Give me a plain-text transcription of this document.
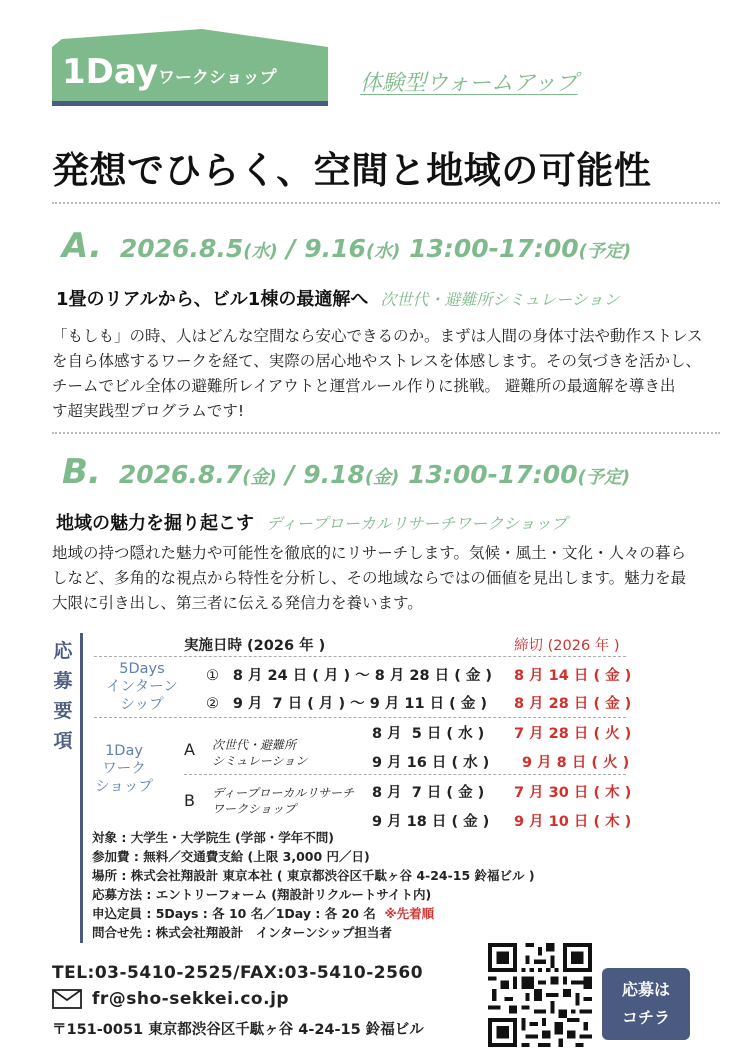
1Day ワークショップ	体験型ウォームアップ
発想でひらく、空間と地域の可能性
A. 2026.8.5 (水) / 9.16 (水) 13:00-17:00 (予定)
1畳のリアルから、ビル1棟の最適解へ 次世代・避難所シミュレーション
「もしも」の時、人はどんな空間なら安心できるのか。まずは人間の身体寸法や動作ストレス
を自ら体感するワークを経て、実際の居心地やストレスを体感します。その気づきを活かし、
チームでビル全体の避難所レイアウトと運営ルール作りに挑戦。 避難所の最適解を導き出
す超実践型プログラムです!
B. 2026.8.7 (金) / 9.18 (金) 13:00-17:00 (予定)
地域の魅力を掘り起こす ディープローカルリサーチワークショップ
地域の持つ隠れた魅力や可能性を徹底的にリサーチします。気候・風土・文化・人々の暮ら
しなど、多角的な視点から特性を分析し、その地域ならではの価値を見出します。魅力を最
大限に引き出し、第三者に伝える発信力を養います。
応
募
要
項
実施日時 (2026 年 )	締切 (2026 年 )
5Days
インターン
シップ
① 8 月 24 日 ( 月 ) ～ 8 月 28 日 ( 金 ) 8 月 14 日 ( 金 )
② 9 月  7 日 ( 月 ) ～ 9 月 11 日 ( 金 ) 8 月 28 日 ( 金 )
1Day
ワーク
ショップ
A 次世代・避難所
シミュレーション
8 月  5 日 ( 水 ) 7 月 28 日 ( 火 )
9 月 16 日 ( 水 ) 9 月 8 日 ( 火 )
B ディープローカルリサーチ
ワークショップ
8 月  7 日 ( 金 ) 7 月 30 日 ( 木 )
9 月 18 日 ( 金 ) 9 月 10 日 ( 木 )
対象 : 大学生・大学院生 (学部・学年不問)
参加費 : 無料／交通費支給 (上限 3,000 円／日)
場所 : 株式会社翔設計 東京本社 ( 東京都渋谷区千駄ヶ谷 4-24-15 鈴福ビル )
応募方法 : エントリーフォーム (翔設計リクルートサイト内)
申込定員 : 5Days : 各 10 名／1Day : 各 20 名 ※先着順
問合せ先 : 株式会社翔設計　インターンシップ担当者
TEL:03-5410-2525/FAX:03-5410-2560
fr@sho-sekkei.co.jp
〒151-0051 東京都渋谷区千駄ヶ谷 4-24-15 鈴福ビル
応募は
コチラ
